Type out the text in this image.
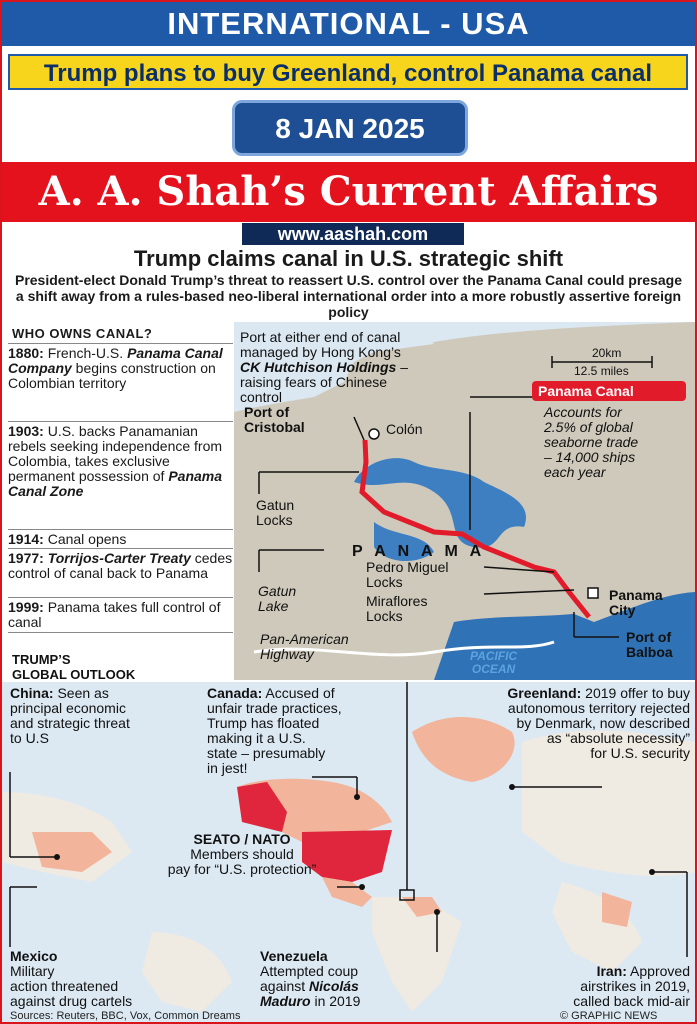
INTERNATIONAL - USA
Trump plans to buy Greenland, control Panama canal
8 JAN 2025
A. A. Shah’s Current Affairs
www.aashah.com
Trump claims canal in U.S. strategic shift
President-elect Donald Trump’s threat to reassert U.S. control over the Panama Canal could presage a shift away from a rules-based neo-liberal international order into a more robustly assertive foreign policy
WHO OWNS CANAL?
1880: French-U.S. Panama Canal Company begins construction on Colombian territory
1903: U.S. backs Panamanian rebels seeking independence from Colombia, takes exclusive permanent possession of Panama Canal Zone
1914: Canal opens
1977: Torrijos-Carter Treaty cedes control of canal back to Panama
1999: Panama takes full control of canal
Port at either end of canal
managed by Hong Kong’s
CK Hutchison Holdings –
raising fears of Chinese
control
20km
12.5 miles
Panama Canal
Accounts for
2.5% of global
seaborne trade
– 14,000 ships
each year
Port of
Cristobal	Colón
Gatun
Locks
Gatun
Lake
P A N A M A
Pedro Miguel
Locks
Miraflores
Locks
Panama
City
Port of
Balboa
Pan-American
Highway	PACIFIC
OCEAN
TRUMP’S
GLOBAL OUTLOOK
China: Seen as
principal economic
and strategic threat
to U.S
Canada: Accused of
unfair trade practices,
Trump has floated
making it a U.S.
state – presumably
in jest!
Greenland: 2019 offer to buy
autonomous territory rejected
by Denmark, now described
as “absolute necessity”
for U.S. security
SEATO / NATO
Members should
pay for “U.S. protection”
Mexico
Military
action threatened
against drug cartels
Venezuela
Attempted coup
against Nicolás
Maduro in 2019
Iran: Approved
airstrikes in 2019,
called back mid-air
Sources: Reuters, BBC, Vox, Common Dreams	© GRAPHIC NEWS
